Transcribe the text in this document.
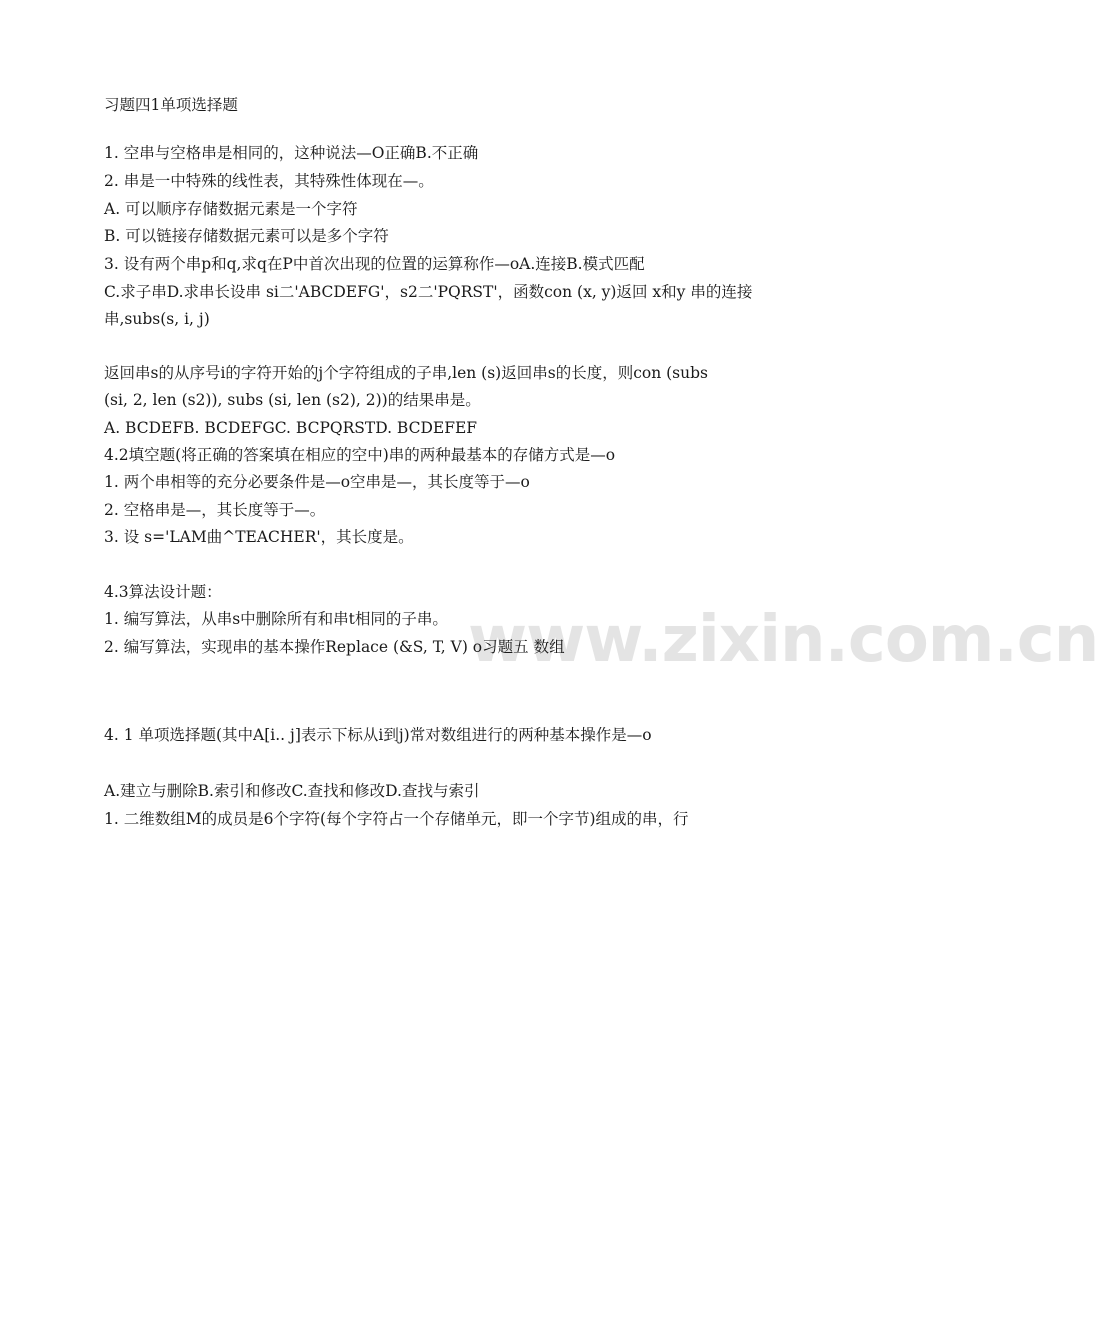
www.zixin.com.cn
习题四1单项选择题
1. 空串与空格串是相同的，这种说法—O正确B.不正确
2. 串是一中特殊的线性表，其特殊性体现在—。
A. 可以顺序存储数据元素是一个字符
B. 可以链接存储数据元素可以是多个字符
3. 设有两个串p和q,求q在P中首次出现的位置的运算称作—oA.连接B.模式匹配
C.求子串D.求串长设串 si二'ABCDEFG'，s2二'PQRST'，函数con (x, y)返回 x和y 串的连接
串,subs(s, i, j)
返回串s的从序号i的字符开始的j个字符组成的子串,len (s)返回串s的长度，则con (subs
(si, 2, len (s2)), subs (si, len (s2), 2))的结果串是。
A. BCDEFB. BCDEFGC. BCPQRSTD. BCDEFEF
4.2填空题(将正确的答案填在相应的空中)串的两种最基本的存储方式是—o
1. 两个串相等的充分必要条件是—o空串是—，其长度等于—o
2. 空格串是—，其长度等于—。
3. 设 s='LAM曲^TEACHER'，其长度是。
4.3算法设计题：
1. 编写算法，从串s中删除所有和串t相同的子串。
2. 编写算法，实现串的基本操作Replace (&S, T, V) o习题五 数组
4. 1 单项选择题(其中A[i.. j]表示下标从i到j)常对数组进行的两种基本操作是—o
A.建立与删除B.索引和修改C.查找和修改D.查找与索引
1. 二维数组M的成员是6个字符(每个字符占一个存储单元，即一个字节)组成的串，行
